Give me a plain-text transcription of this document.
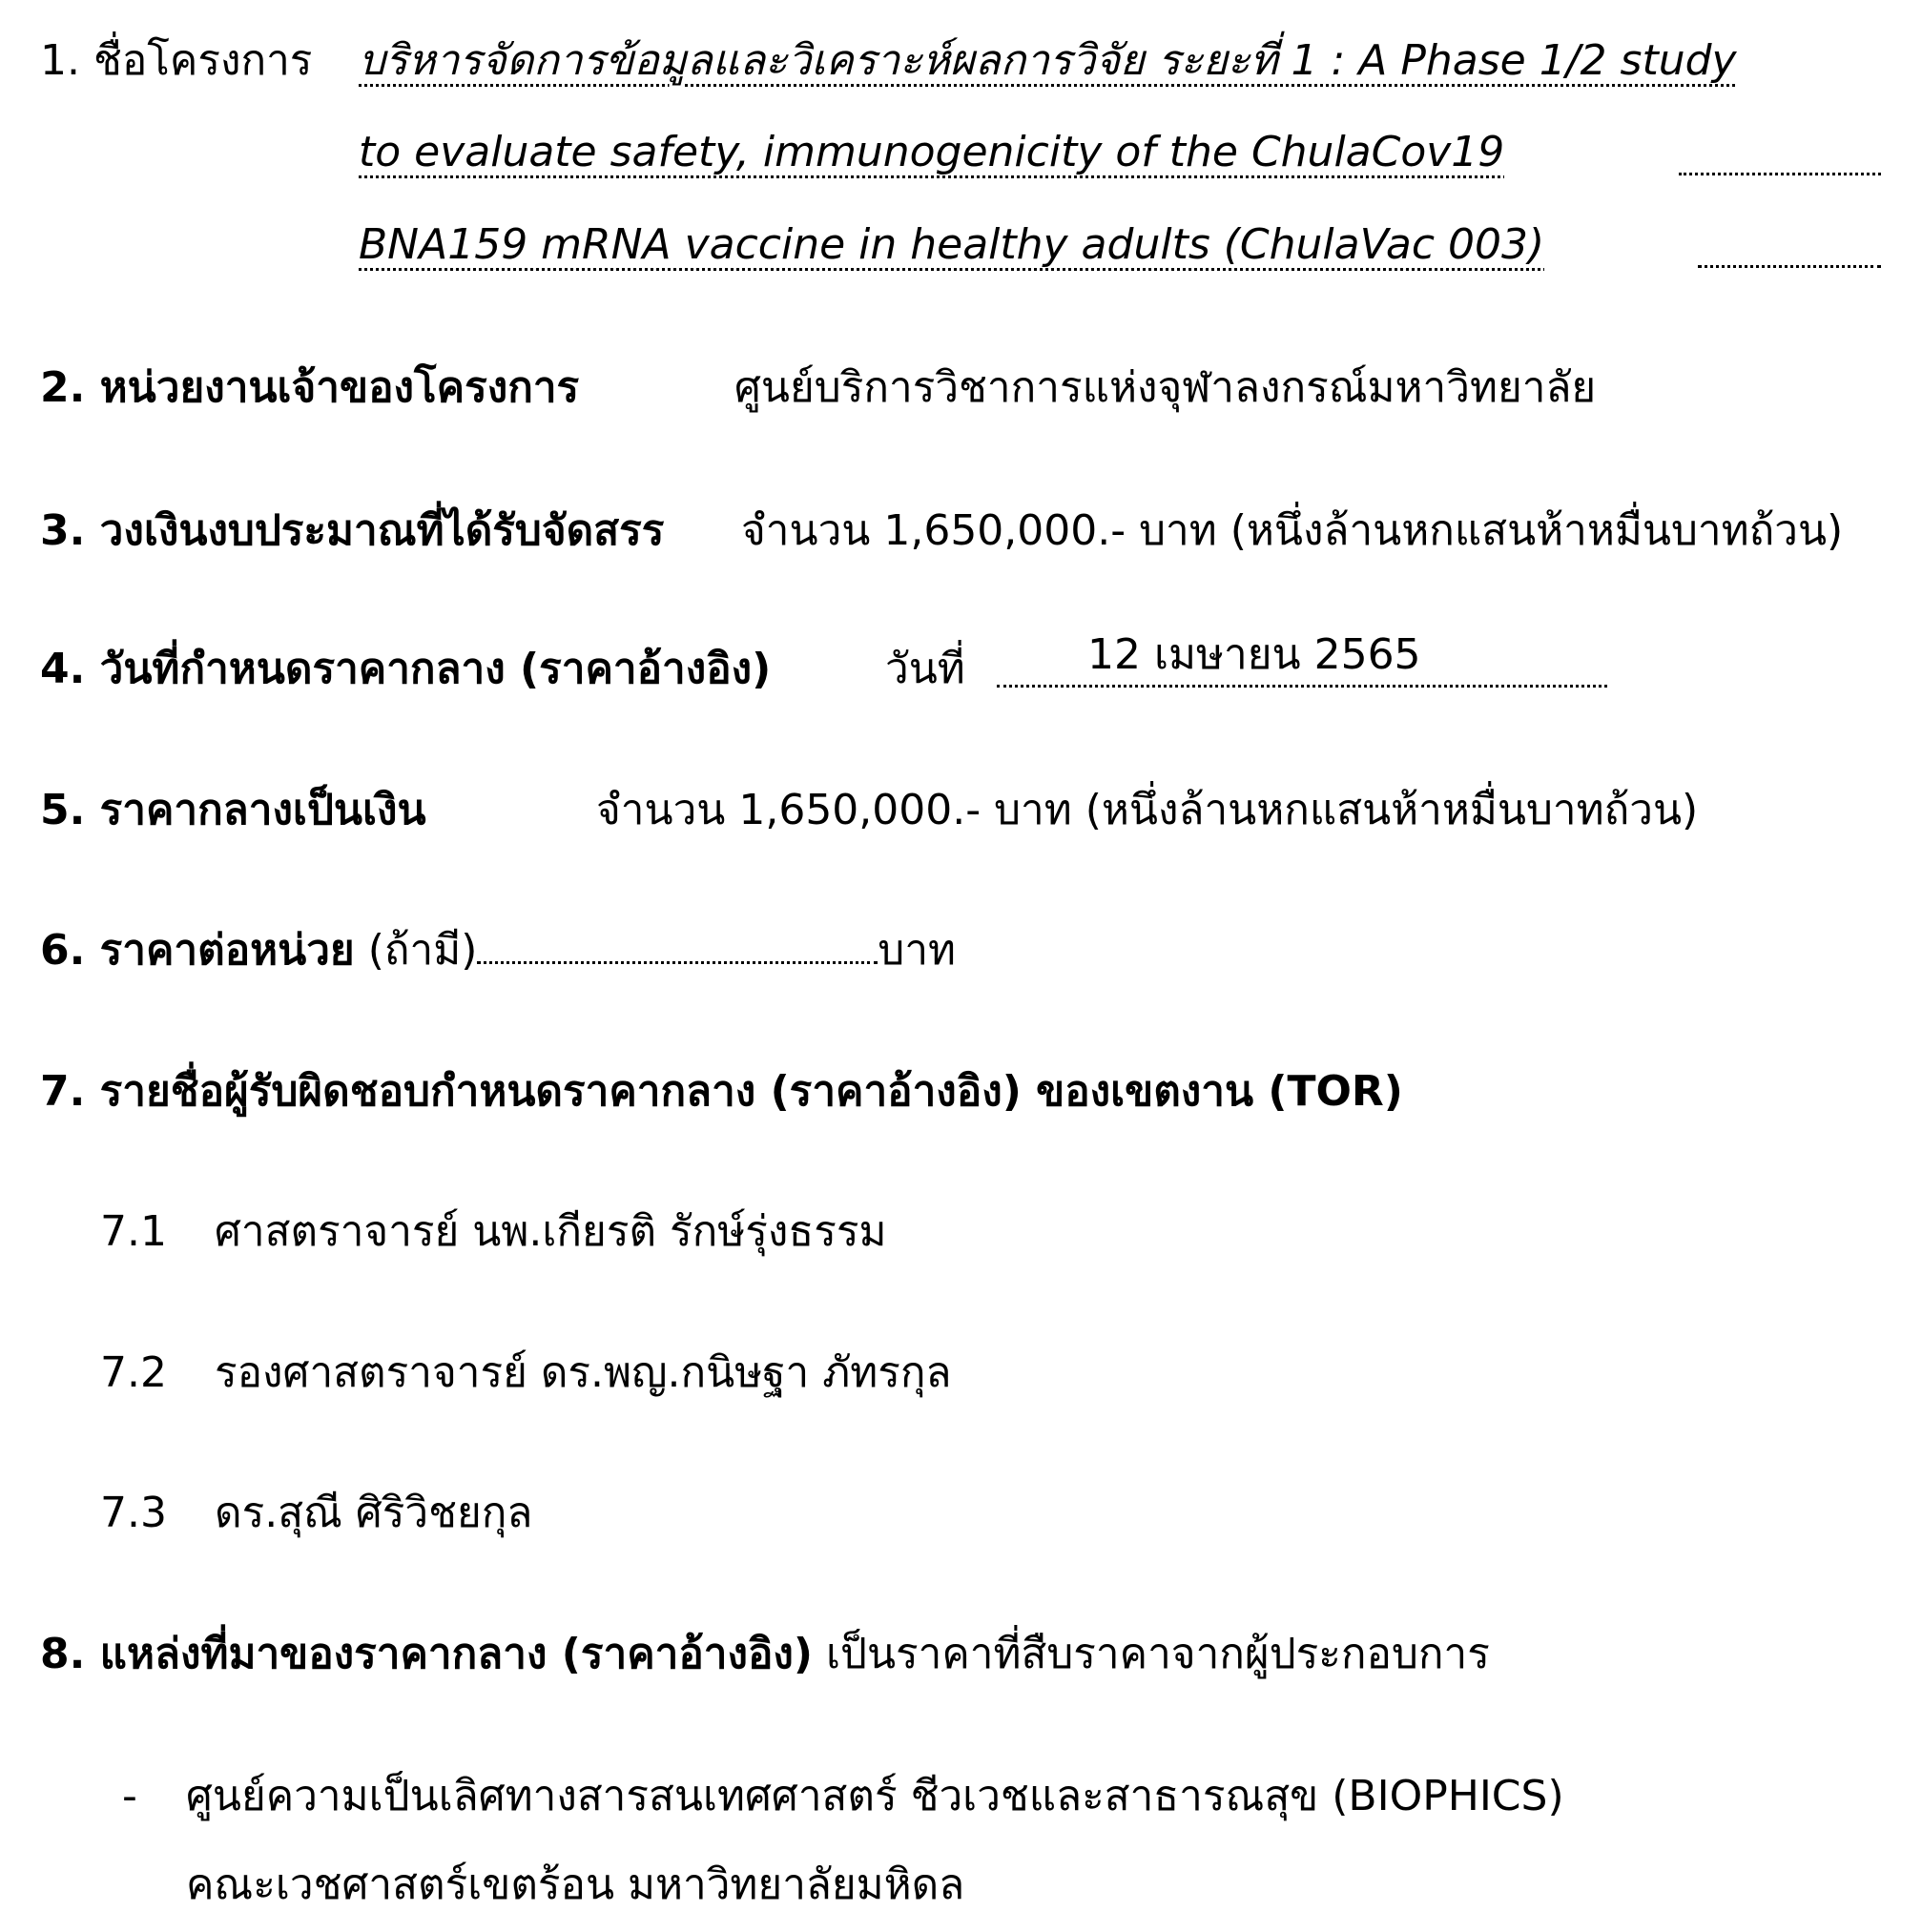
1. ชื่อโครงการ บริหารจัดการข้อมูลและวิเคราะห์ผลการวิจัย ระยะที่ 1 : A Phase 1/2 study
to evaluate safety, immunogenicity of the ChulaCov19
BNA159 mRNA vaccine in healthy adults (ChulaVac 003)
2. หน่วยงานเจ้าของโครงการ	ศูนย์บริการวิชาการแห่งจุฬาลงกรณ์มหาวิทยาลัย
3. วงเงินงบประมาณที่ได้รับจัดสรร จำนวน 1,650,000.- บาท (หนึ่งล้านหกแสนห้าหมื่นบาทถ้วน)
4. วันที่กำหนดราคากลาง (ราคาอ้างอิง)	วันที่	12 เมษายน 2565
5. ราคากลางเป็นเงิน	จำนวน 1,650,000.- บาท (หนึ่งล้านหกแสนห้าหมื่นบาทถ้วน)
6. ราคาต่อหน่วย (ถ้ามี)	บาท
7. รายชื่อผู้รับผิดชอบกำหนดราคากลาง (ราคาอ้างอิง) ของเขตงาน (TOR)
7.1 ศาสตราจารย์ นพ.เกียรติ รักษ์รุ่งธรรม
7.2 รองศาสตราจารย์ ดร.พญ.กนิษฐา ภัทรกุล
7.3 ดร.สุณี ศิริวิชยกุล
8. แหล่งที่มาของราคากลาง (ราคาอ้างอิง) เป็นราคาที่สืบราคาจากผู้ประกอบการ
- ศูนย์ความเป็นเลิศทางสารสนเทศศาสตร์ ชีวเวชและสาธารณสุข (BIOPHICS)
คณะเวชศาสตร์เขตร้อน มหาวิทยาลัยมหิดล
